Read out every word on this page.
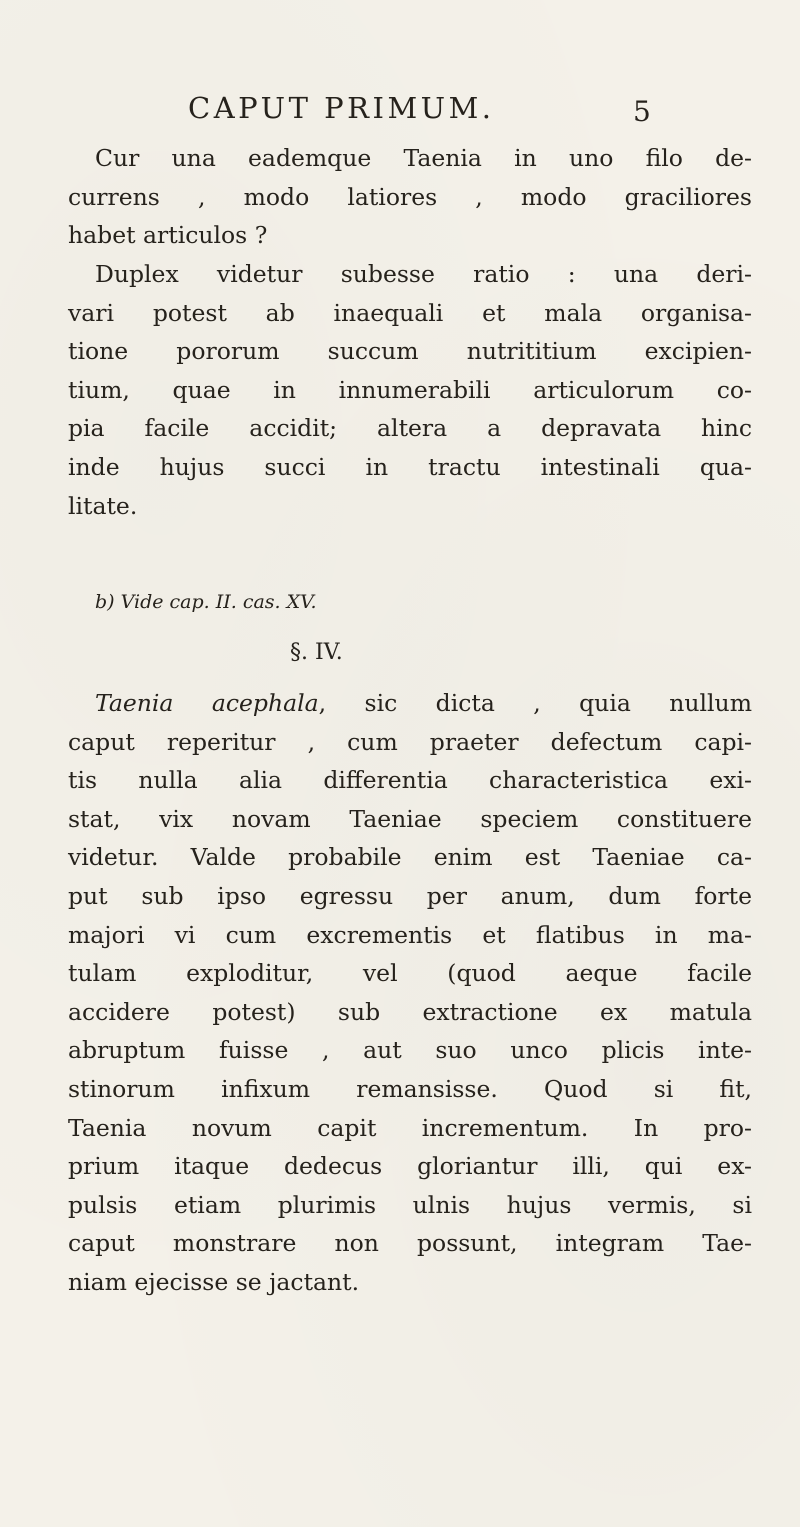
CAPUT PRIMUM.	5
Cur una eademque Taenia in uno filo de-
currens , modo latiores , modo graciliores
habet articulos ?
Duplex videtur subesse ratio : una deri-
vari potest ab inaequali et mala organisa-
tione pororum succum nutrititium excipien-
tium, quae in innumerabili articulorum co-
pia facile accidit; altera a depravata hinc
inde hujus succi in tractu intestinali qua-
litate.
b) Vide cap. II. cas. XV.
§. IV.
Taenia acephala, sic dicta , quia nullum
caput reperitur , cum praeter defectum capi-
tis nulla alia differentia characteristica exi-
stat, vix novam Taeniae speciem constituere
videtur. Valde probabile enim est Taeniae ca-
put sub ipso egressu per anum, dum forte
majori vi cum excrementis et flatibus in ma-
tulam exploditur, vel (quod aeque facile
accidere potest) sub extractione ex matula
abruptum fuisse , aut suo unco plicis inte-
stinorum infixum remansisse. Quod si fit,
Taenia novum capit incrementum. In pro-
prium itaque dedecus gloriantur illi, qui ex-
pulsis etiam plurimis ulnis hujus vermis, si
caput monstrare non possunt, integram Tae-
niam ejecisse se jactant.
